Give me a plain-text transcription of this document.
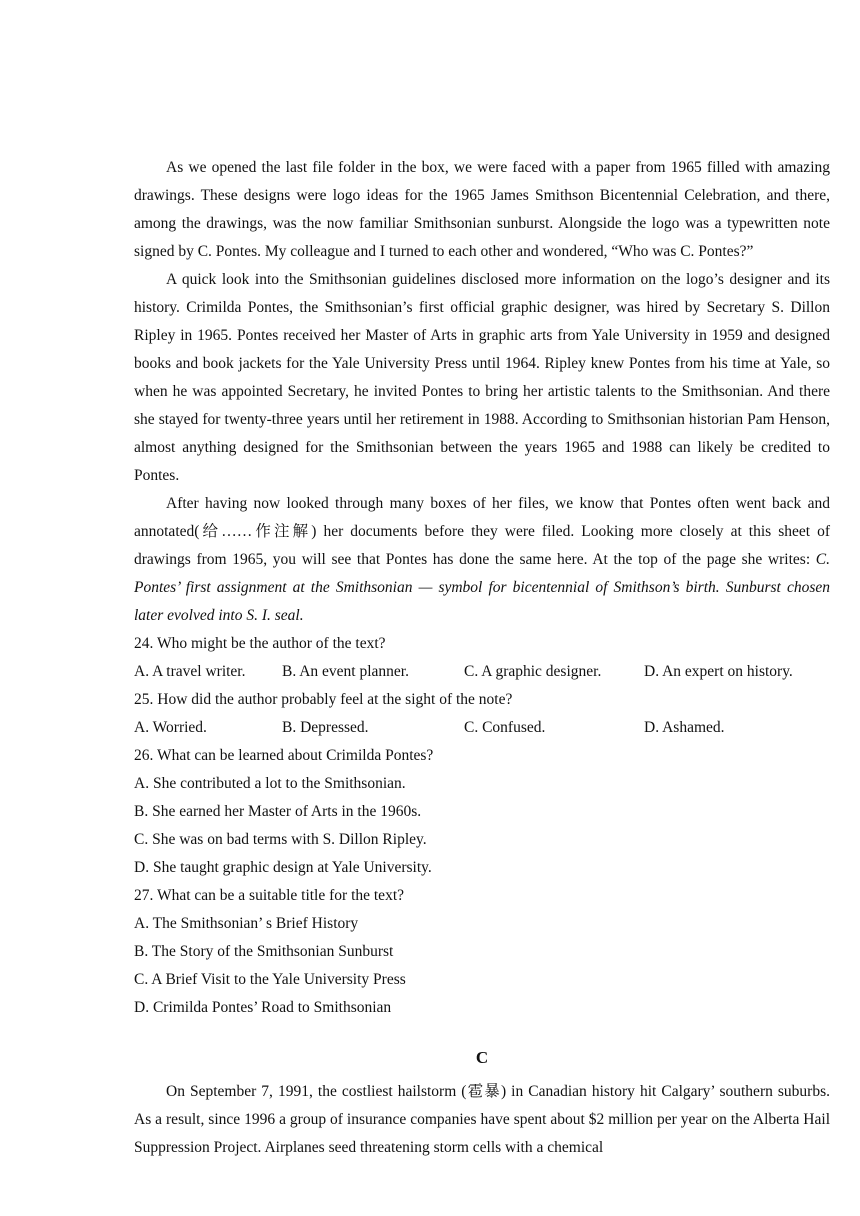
As we opened the last file folder in the box, we were faced with a paper from 1965 filled with amazing drawings. These designs were logo ideas for the 1965 James Smithson Bicentennial Celebration, and there, among the drawings, was the now familiar Smithsonian sunburst. Alongside the logo was a typewritten note signed by C. Pontes. My colleague and I turned to each other and wondered, “Who was C. Pontes?”

A quick look into the Smithsonian guidelines disclosed more information on the logo’s designer and its history. Crimilda Pontes, the Smithsonian’s first official graphic designer, was hired by Secretary S. Dillon Ripley in 1965. Pontes received her Master of Arts in graphic arts from Yale University in 1959 and designed books and book jackets for the Yale University Press until 1964. Ripley knew Pontes from his time at Yale, so when he was appointed Secretary, he invited Pontes to bring her artistic talents to the Smithsonian. And there she stayed for twenty-three years until her retirement in 1988. According to Smithsonian historian Pam Henson, almost anything designed for the Smithsonian between the years 1965 and 1988 can likely be credited to Pontes.

After having now looked through many boxes of her files, we know that Pontes often went back and annotated(给……作注解) her documents before they were filed. Looking more closely at this sheet of drawings from 1965, you will see that Pontes has done the same here. At the top of the page she writes: C. Pontes’ first assignment at the Smithsonian — symbol for bicentennial of Smithson’s birth. Sunburst chosen later evolved into S. I. seal.

24. Who might be the author of the text?

A. A travel writer.	B. An event planner.	C. A graphic designer.	D. An expert on history.

25. How did the author probably feel at the sight of the note?

A. Worried.	B. Depressed.	C. Confused.	D. Ashamed.

26. What can be learned about Crimilda Pontes?

A. She contributed a lot to the Smithsonian.

B. She earned her Master of Arts in the 1960s.

C. She was on bad terms with S. Dillon Ripley.

D. She taught graphic design at Yale University.

27. What can be a suitable title for the text?

A. The Smithsonian’ s Brief History

B. The Story of the Smithsonian Sunburst

C. A Brief Visit to the Yale University Press

D. Crimilda Pontes’ Road to Smithsonian

C

On September 7, 1991, the costliest hailstorm (雹暴) in Canadian history hit Calgary’ southern suburbs. As a result, since 1996 a group of insurance companies have spent about $2 million per year on the Alberta Hail Suppression Project. Airplanes seed threatening storm cells with a chemical
